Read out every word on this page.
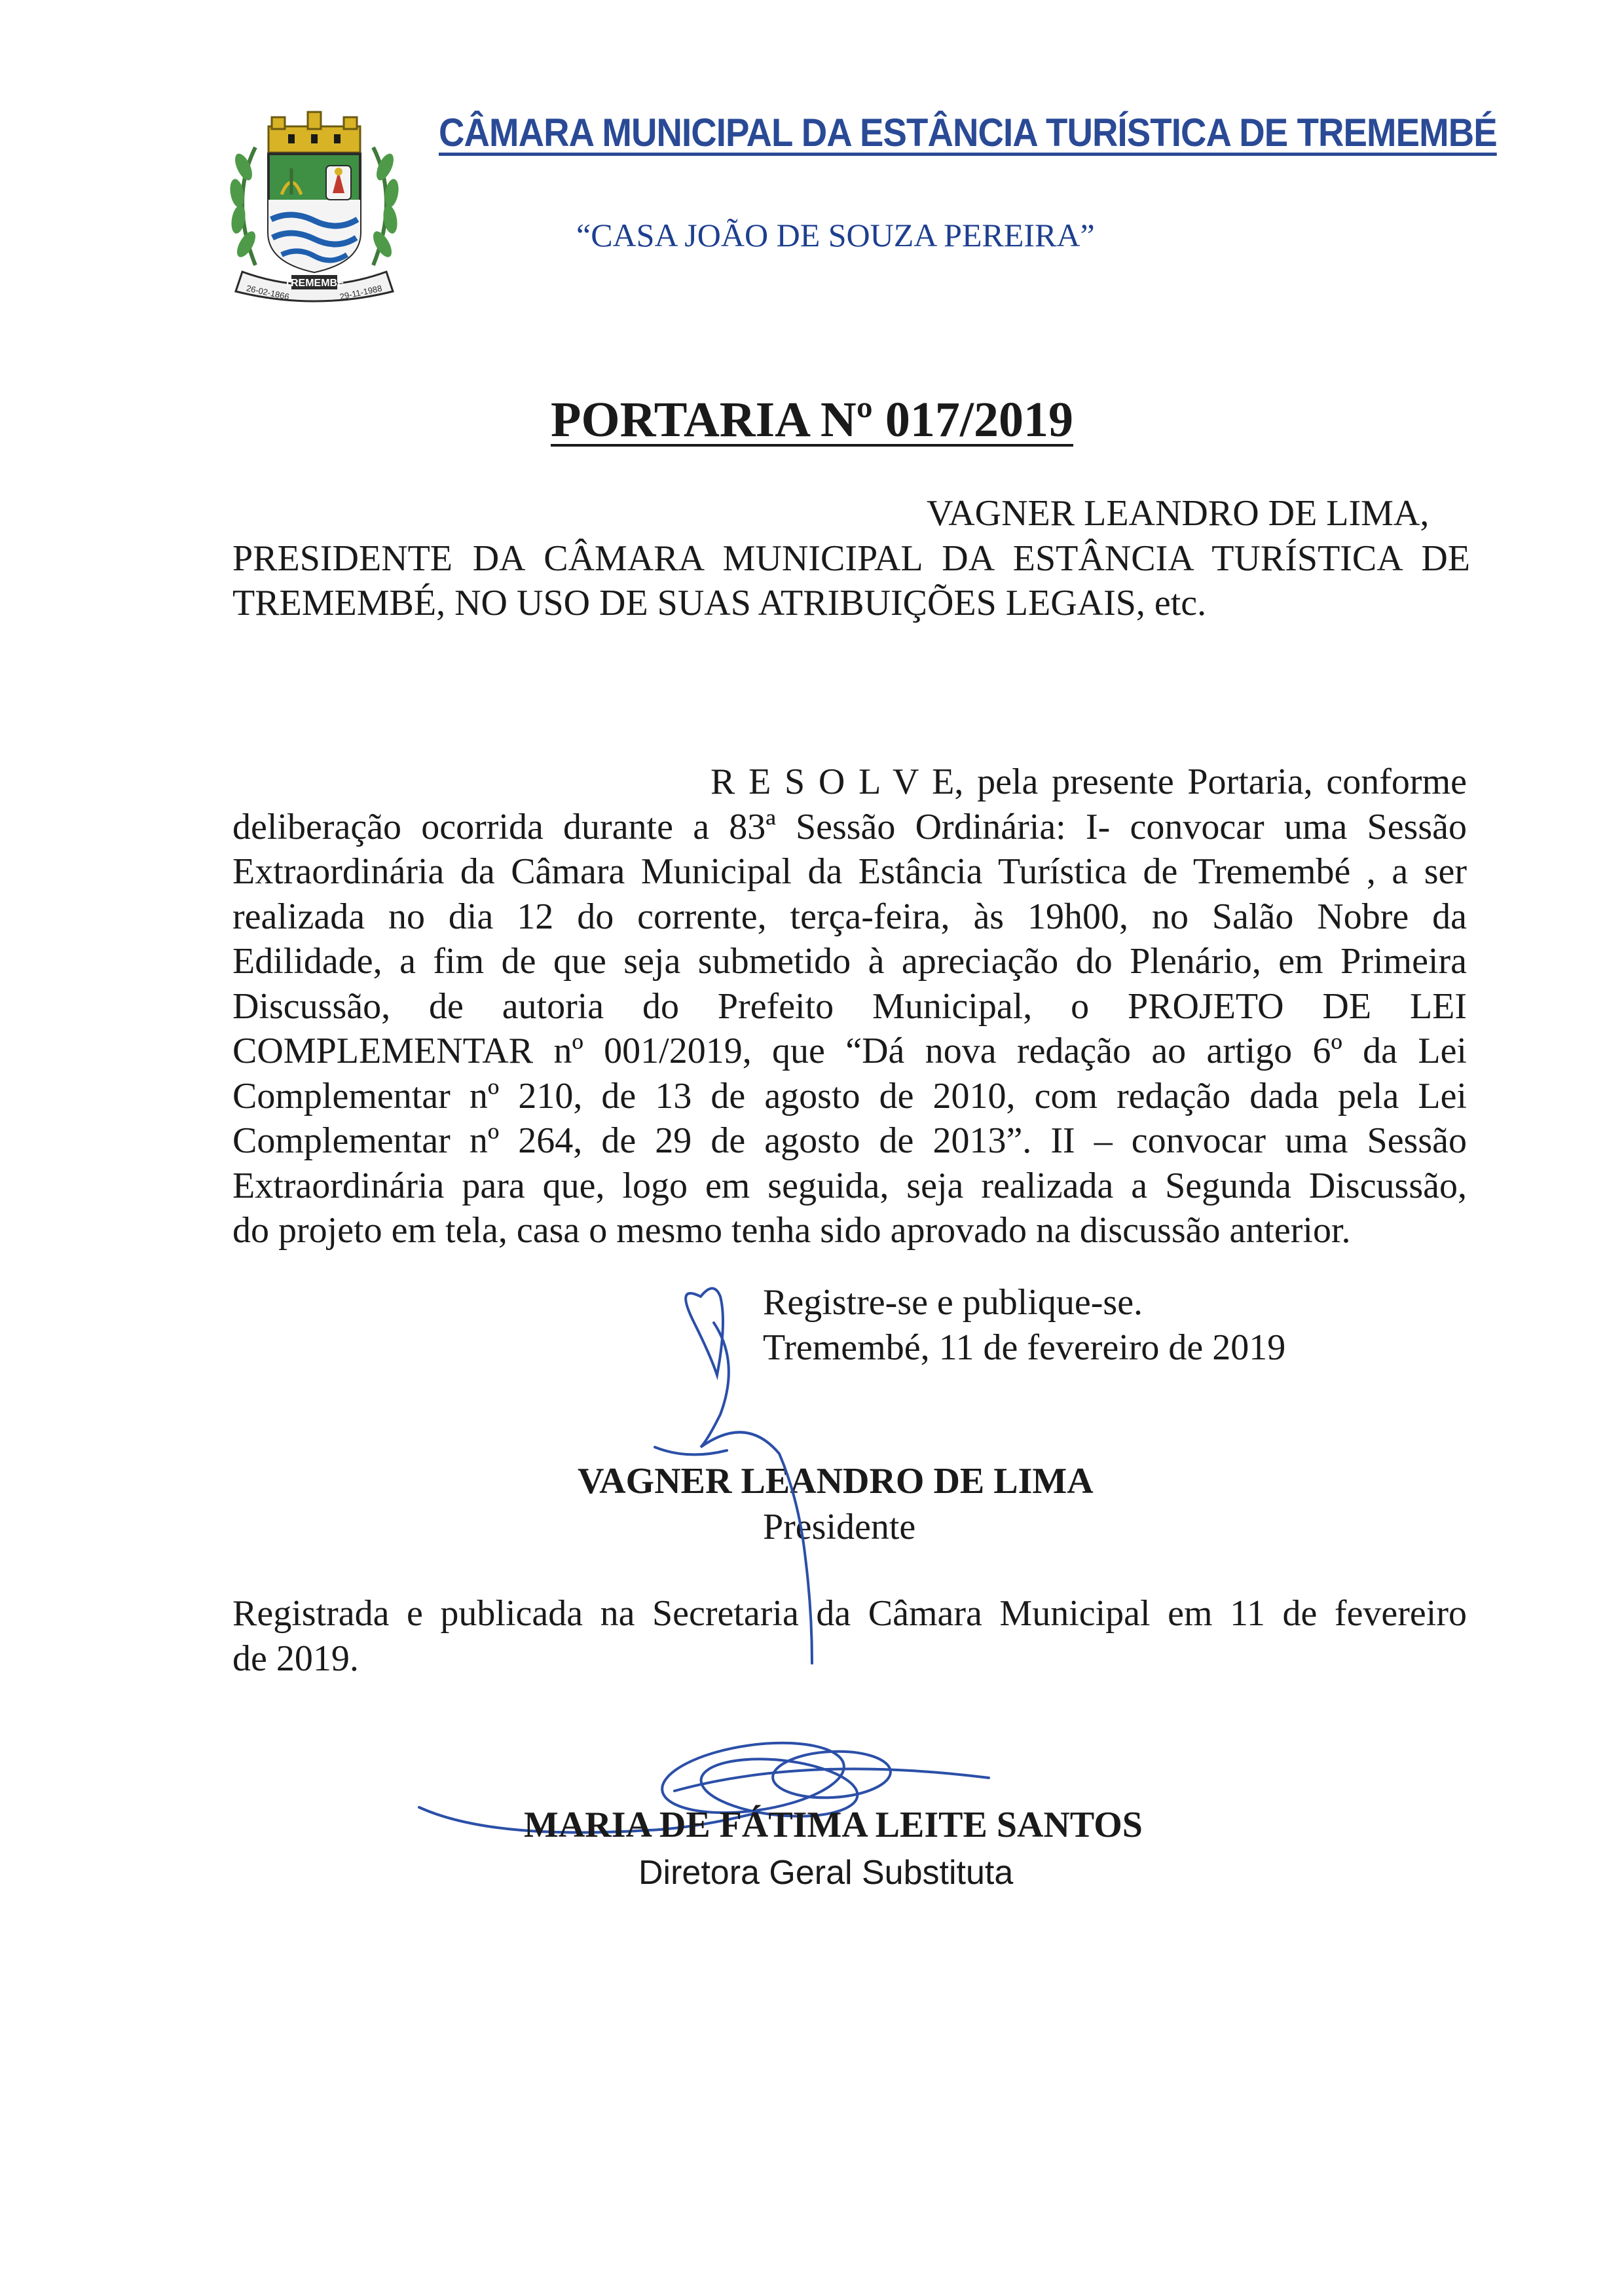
TREMEMBÉ
26-02-1866	29-11-1988
CÂMARA MUNICIPAL DA ESTÂNCIA TURÍSTICA DE TREMEMBÉ

“CASA JOÃO DE SOUZA PEREIRA”

PORTARIA Nº 017/2019
VAGNER LEANDRO DE LIMA,
PRESIDENTE DA CÂMARA MUNICIPAL DA ESTÂNCIA TURÍSTICA DE
TREMEMBÉ, NO USO DE SUAS ATRIBUIÇÕES LEGAIS, etc.
R E S O L V E, pela presente Portaria, conforme
deliberação ocorrida durante a 83ª Sessão Ordinária: I- convocar uma Sessão
Extraordinária da Câmara Municipal da Estância Turística de Tremembé , a ser
realizada no dia 12 do corrente, terça-feira, às 19h00, no Salão Nobre da
Edilidade, a fim de que seja submetido à apreciação do Plenário, em Primeira
Discussão, de autoria do Prefeito Municipal, o PROJETO DE LEI
COMPLEMENTAR nº 001/2019, que “Dá nova redação ao artigo 6º da Lei
Complementar nº 210, de 13 de agosto de 2010, com redação dada pela Lei
Complementar nº 264, de 29 de agosto de 2013”. II – convocar uma Sessão
Extraordinária para que, logo em seguida, seja realizada a Segunda Discussão,
do projeto em tela, casa o mesmo tenha sido aprovado na discussão anterior.
Registre-se e publique-se.
Tremembé, 11 de fevereiro de 2019
VAGNER LEANDRO DE LIMA
Presidente
Registrada e publicada na Secretaria da Câmara Municipal em 11 de fevereiro
de 2019.
MARIA DE FÁTIMA LEITE SANTOS
Diretora Geral Substituta
